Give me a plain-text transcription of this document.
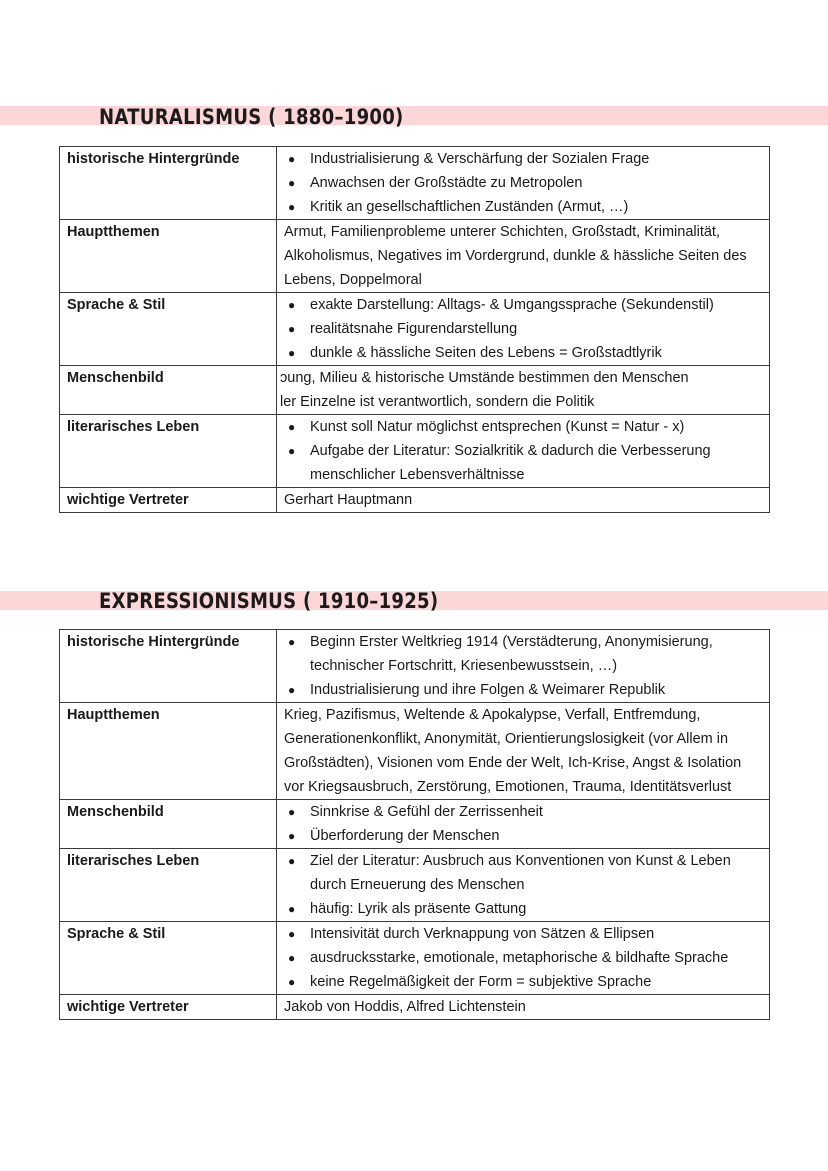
NATURALISMUS ( 1880–1900)
historische Hintergründe	● Industrialisierung & Verschärfung der Sozialen Frage
● Anwachsen der Großstädte zu Metropolen
● Kritik an gesellschaftlichen Zuständen (Armut, …)

Hauptthemen	Armut, Familienprobleme unterer Schichten, Großstadt, Kriminalität, Alkoholismus, Negatives im Vordergrund, dunkle & hässliche Seiten des Lebens, Doppelmoral
Sprache & Stil	● exakte Darstellung: Alltags- & Umgangssprache (Sekundenstil)
● realitätsnahe Figurendarstellung
● dunkle & hässliche Seiten des Lebens = Großstadtlyrik

Menschenbild	ɔung, Milieu & historische Umstände bestimmen den Menschen
ler Einzelne ist verantwortlich, sondern die Politik

literarisches Leben	● Kunst soll Natur möglichst entsprechen (Kunst = Natur - x)
● Aufgabe der Literatur: Sozialkritik & dadurch die Verbesserung menschlicher Lebensverhältnisse

wichtige Vertreter	Gerhart Hauptmann
EXPRESSIONISMUS ( 1910–1925)
historische Hintergründe	● Beginn Erster Weltkrieg 1914 (Verstädterung, Anonymisierung, technischer Fortschritt, Kriesenbewusstsein, …)
● Industrialisierung und ihre Folgen & Weimarer Republik

Hauptthemen	Krieg, Pazifismus, Weltende & Apokalypse, Verfall, Entfremdung, Generationenkonflikt, Anonymität, Orientierungslosigkeit (vor Allem in Großstädten), Visionen vom Ende der Welt, Ich-Krise, Angst & Isolation vor Kriegsausbruch, Zerstörung, Emotionen, Trauma, Identitätsverlust
Menschenbild	● Sinnkrise & Gefühl der Zerrissenheit
● Überforderung der Menschen

literarisches Leben	● Ziel der Literatur: Ausbruch aus Konventionen von Kunst & Leben durch Erneuerung des Menschen
● häufig: Lyrik als präsente Gattung

Sprache & Stil	● Intensivität durch Verknappung von Sätzen & Ellipsen
● ausdrucksstarke, emotionale, metaphorische & bildhafte Sprache
● keine Regelmäßigkeit der Form = subjektive Sprache

wichtige Vertreter	Jakob von Hoddis, Alfred Lichtenstein
